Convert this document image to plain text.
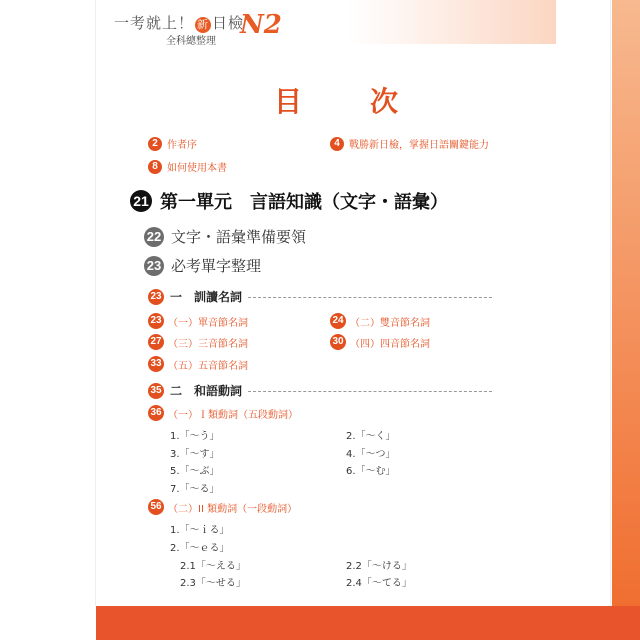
一考就上！ 新 日檢
N2
全科總整理
目　次
2 作者序	4 戰勝新日檢，掌握日語關鍵能力
8 如何使用本書
21 第一單元　言語知識（文字・語彙）
22 文字・語彙準備要領
23 必考單字整理
23 一　訓讀名詞
23 （一）單音節名詞	24 （二）雙音節名詞
27 （三）三音節名詞	30 （四）四音節名詞
33 （五）五音節名詞
35 二　和語動詞
36 （一）Ｉ類動詞（五段動詞）
1.「～う」	2.「～く」
3.「～す」	4.「～つ」
5.「～ぶ」	6.「～む」
7.「～る」
56 （二）II 類動詞（一段動詞）
1.「～ｉる」
2.「～ｅる」
2.1「～える」	2.2「～ける」
2.3「～せる」	2.4「～てる」
